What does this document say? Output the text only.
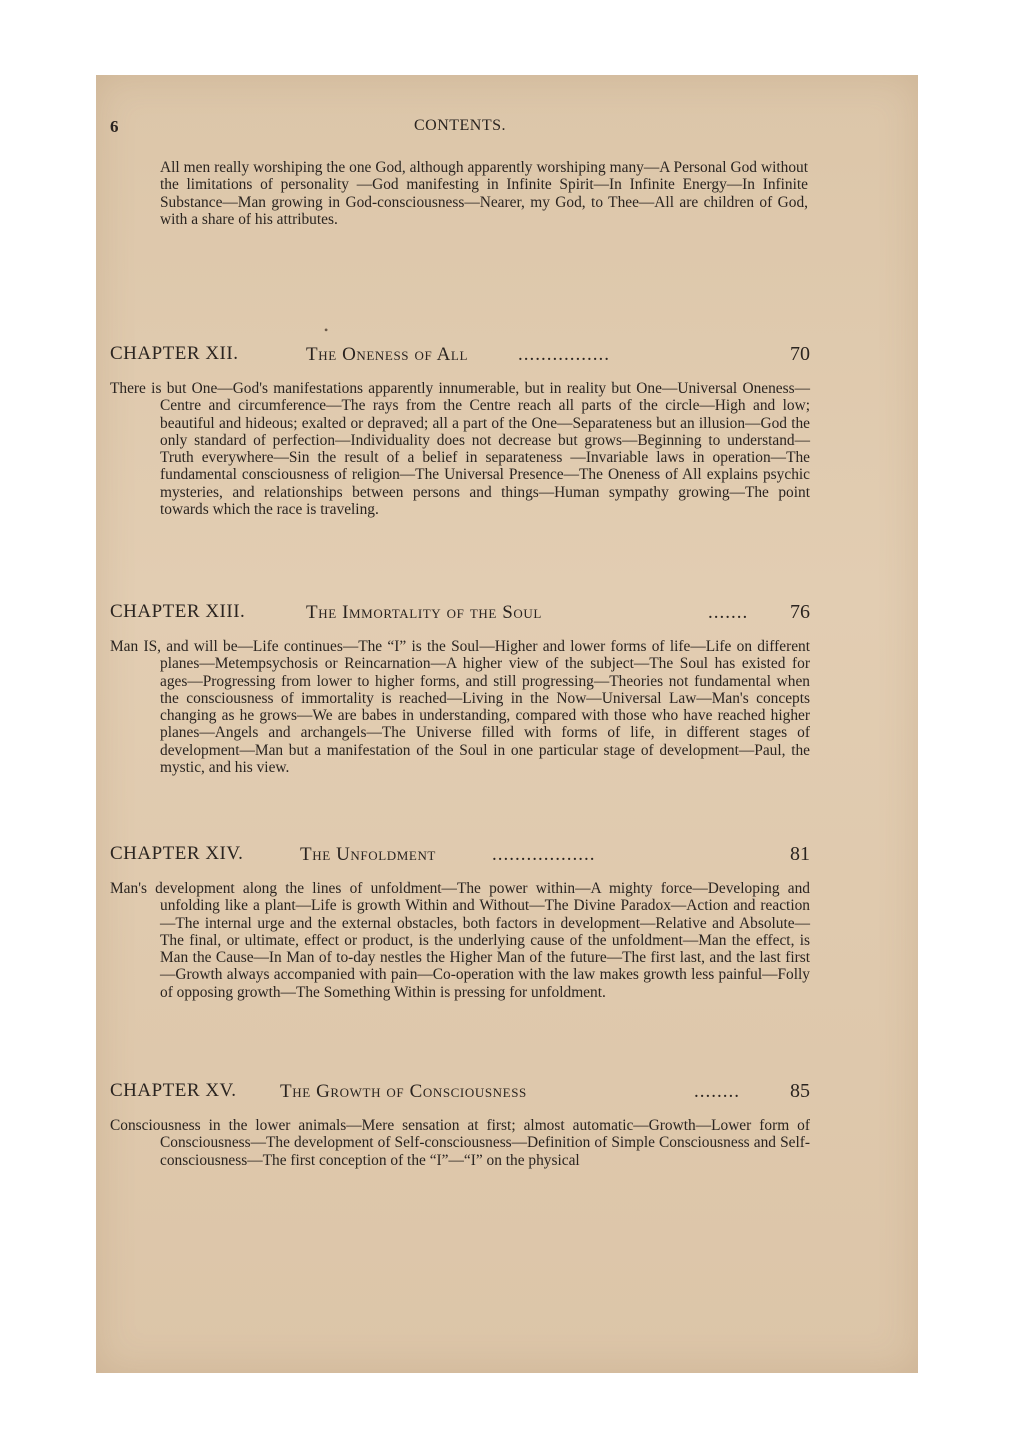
CONTENTS.
6
All men really worshiping the one God, although apparently worshiping many—A Personal God without the limitations of personality —God manifesting in Infinite Spirit—In Infinite Energy—In Infinite Substance—Man growing in God-consciousness—Nearer, my God, to Thee—All are children of God, with a share of his attributes.
•
CHAPTER XII.	The Oneness of All	................	70
There is but One—God's manifestations apparently innumerable, but in reality but One—Universal Oneness—Centre and circumference—The rays from the Centre reach all parts of the circle—High and low; beautiful and hideous; exalted or depraved; all a part of the One—Separateness but an illusion—God the only standard of perfection—Individuality does not decrease but grows—Beginning to understand—Truth everywhere—Sin the result of a belief in separateness —Invariable laws in operation—The fundamental consciousness of religion—The Universal Presence—The Oneness of All explains psychic mysteries, and relationships between persons and things—Human sympathy growing—The point towards which the race is traveling.
CHAPTER XIII.	The Immortality of the Soul	....... 76
Man IS, and will be—Life continues—The “I” is the Soul—Higher and lower forms of life—Life on different planes—Metempsychosis or Reincarnation—A higher view of the subject—The Soul has existed for ages—Progressing from lower to higher forms, and still progressing—Theories not fundamental when the consciousness of immortality is reached—Living in the Now—Universal Law—Man's concepts changing as he grows—We are babes in understanding, compared with those who have reached higher planes—Angels and archangels—The Universe filled with forms of life, in different stages of development—Man but a manifestation of the Soul in one particular stage of development—Paul, the mystic, and his view.
CHAPTER XIV.	The Unfoldment	..................	81
Man's development along the lines of unfoldment—The power within—A mighty force—Developing and unfolding like a plant—Life is growth Within and Without—The Divine Paradox—Action and reaction—The internal urge and the external obstacles, both factors in development—Relative and Absolute—The final, or ultimate, effect or product, is the underlying cause of the unfoldment—Man the effect, is Man the Cause—In Man of to-day nestles the Higher Man of the future—The first last, and the last first—Growth always accompanied with pain—Co-operation with the law makes growth less painful—Folly of opposing growth—The Something Within is pressing for unfoldment.
CHAPTER XV. The Growth of Consciousness	........	85
Consciousness in the lower animals—Mere sensation at first; almost automatic—Growth—Lower form of Consciousness—The development of Self-consciousness—Definition of Simple Consciousness and Self-consciousness—The first conception of the “I”—“I” on the physical
